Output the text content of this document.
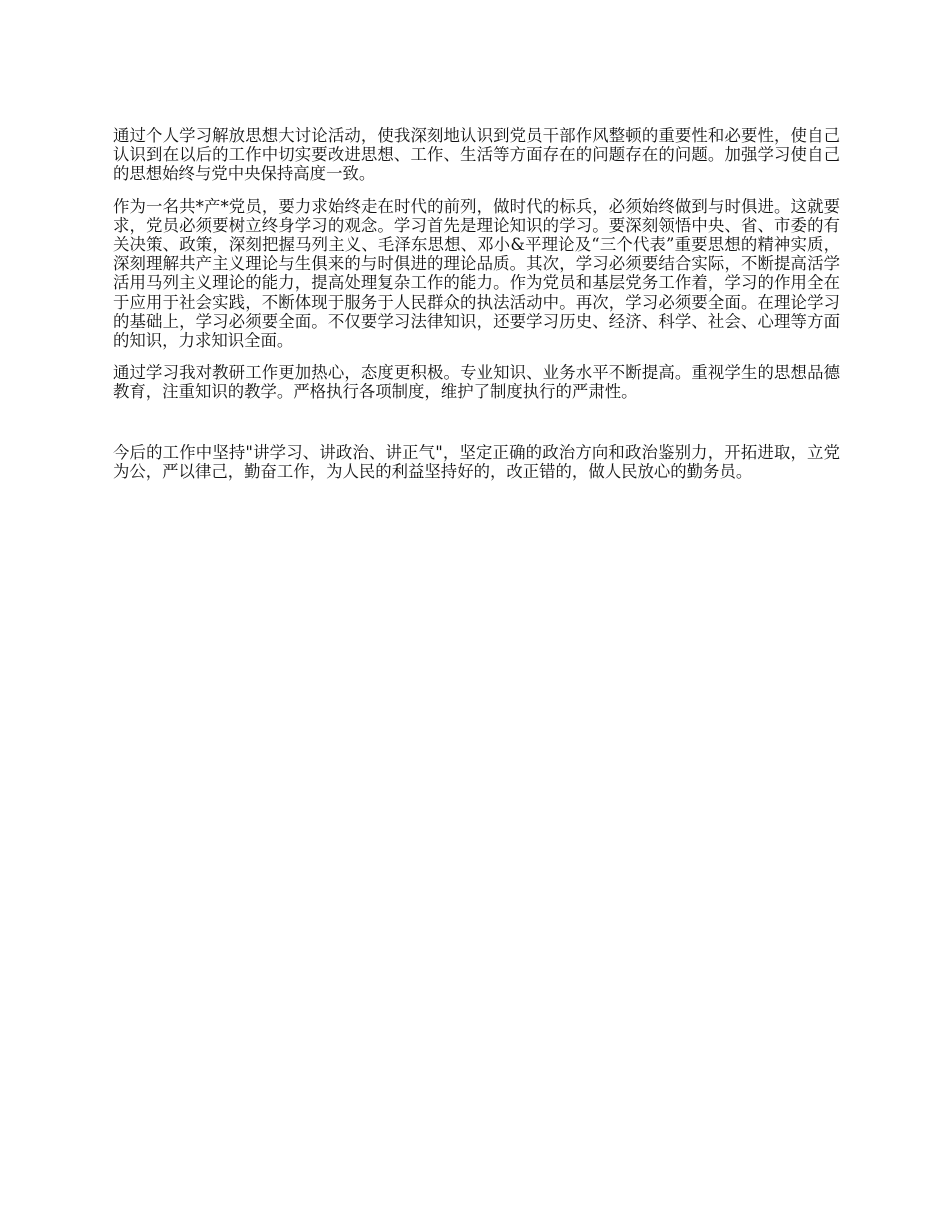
通过个人学习解放思想大讨论活动，使我深刻地认识到党员干部作风整顿的重要性和必要性，使自己认识到在以后的工作中切实要改进思想、工作、生活等方面存在的问题存在的问题。加强学习使自己的思想始终与党中央保持高度一致。

作为一名共*产*党员，要力求始终走在时代的前列，做时代的标兵，必须始终做到与时俱进。这就要求，党员必须要树立终身学习的观念。学习首先是理论知识的学习。要深刻领悟中央、省、市委的有关决策、政策，深刻把握马列主义、毛泽东思想、邓小&平理论及“三个代表”重要思想的精神实质，深刻理解共产主义理论与生俱来的与时俱进的理论品质。其次，学习必须要结合实际，不断提高活学活用马列主义理论的能力，提高处理复杂工作的能力。作为党员和基层党务工作着，学习的作用全在于应用于社会实践，不断体现于服务于人民群众的执法活动中。再次，学习必须要全面。在理论学习的基础上，学习必须要全面。不仅要学习法律知识，还要学习历史、经济、科学、社会、心理等方面的知识，力求知识全面。

通过学习我对教研工作更加热心，态度更积极。专业知识、业务水平不断提高。重视学生的思想品德教育，注重知识的教学。严格执行各项制度，维护了制度执行的严肃性。

今后的工作中坚持"讲学习、讲政治、讲正气"，坚定正确的政治方向和政治鉴别力，开拓进取，立党为公，严以律己，勤奋工作，为人民的利益坚持好的，改正错的，做人民放心的勤务员。
